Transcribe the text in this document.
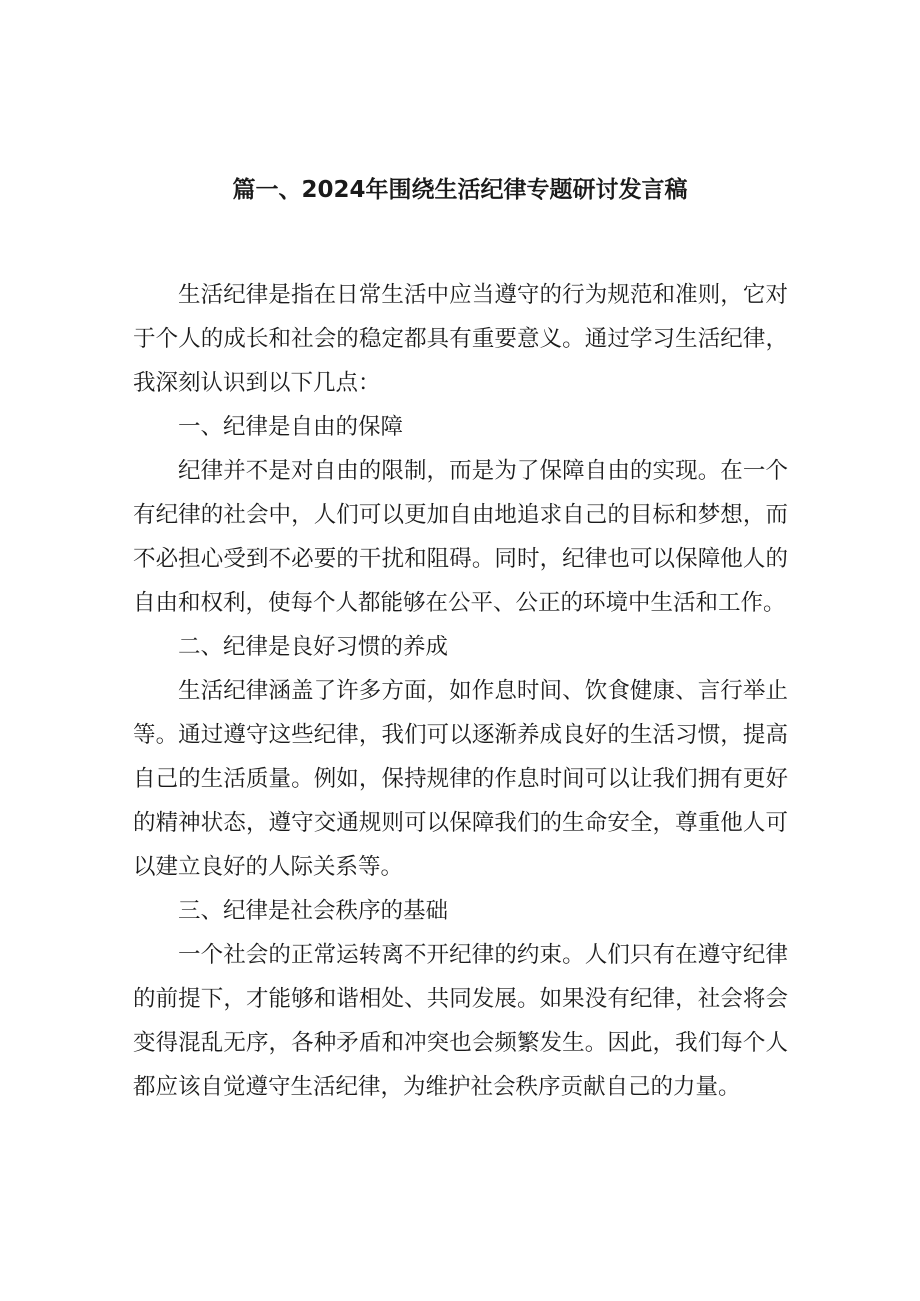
篇一、2024年围绕生活纪律专题研讨发言稿

生活纪律是指在日常生活中应当遵守的行为规范和准则，它对于个人的成长和社会的稳定都具有重要意义。通过学习生活纪律，我深刻认识到以下几点：

一、纪律是自由的保障

纪律并不是对自由的限制，而是为了保障自由的实现。在一个有纪律的社会中，人们可以更加自由地追求自己的目标和梦想，而不必担心受到不必要的干扰和阻碍。同时，纪律也可以保障他人的自由和权利，使每个人都能够在公平、公正的环境中生活和工作。

二、纪律是良好习惯的养成

生活纪律涵盖了许多方面，如作息时间、饮食健康、言行举止等。通过遵守这些纪律，我们可以逐渐养成良好的生活习惯，提高自己的生活质量。例如，保持规律的作息时间可以让我们拥有更好的精神状态，遵守交通规则可以保障我们的生命安全，尊重他人可以建立良好的人际关系等。

三、纪律是社会秩序的基础

一个社会的正常运转离不开纪律的约束。人们只有在遵守纪律的前提下，才能够和谐相处、共同发展。如果没有纪律，社会将会变得混乱无序，各种矛盾和冲突也会频繁发生。因此，我们每个人都应该自觉遵守生活纪律，为维护社会秩序贡献自己的力量。
